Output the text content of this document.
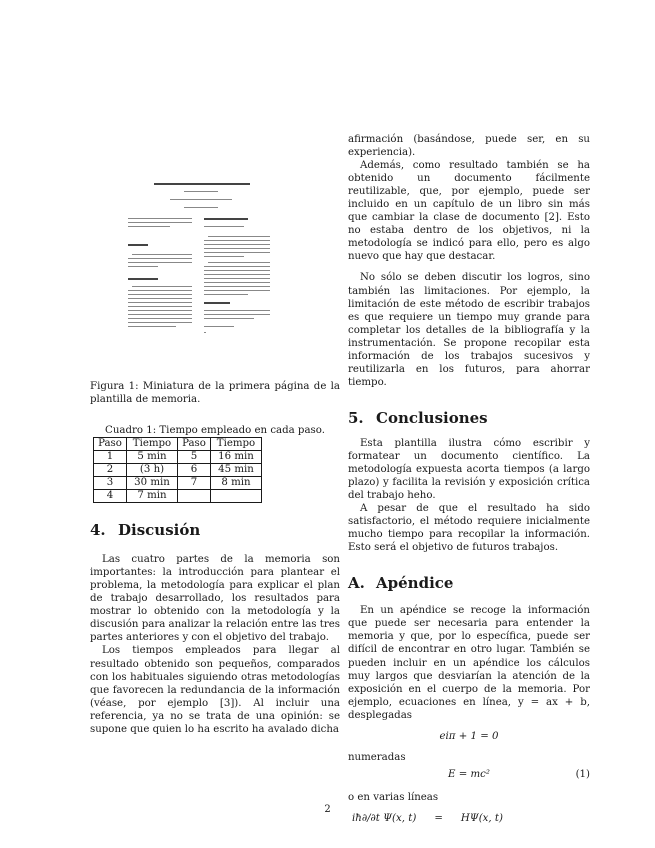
Figura 1: Miniatura de la primera página de la plantilla de memoria.

Cuadro 1: Tiempo empleado en cada paso.

Paso	Tiempo	Paso	Tiempo
1	5 min	5	16 min
2	(3 h)	6	45 min
3	30 min	7	8 min
4	7 min		
4. Discusión

Las cuatro partes de la memoria son importantes: la introducción para plantear el problema, la metodología para explicar el plan de trabajo desarrollado, los resultados para mostrar lo obtenido con la metodología y la discusión para analizar la relación entre las tres partes anteriores y con el objetivo del trabajo.

Los tiempos empleados para llegar al resultado obtenido son pequeños, comparados con los habituales siguiendo otras metodologías que favorecen la redundancia de la información (véase, por ejemplo [3]). Al incluir una referencia, ya no se trata de una opinión: se supone que quien lo ha escrito ha avalado dicha

afirmación (basándose, puede ser, en su experiencia).

Además, como resultado también se ha obtenido un documento fácilmente reutilizable, que, por ejemplo, puede ser incluido en un capítulo de un libro sin más que cambiar la clase de documento [2]. Esto no estaba dentro de los objetivos, ni la metodología se indicó para ello, pero es algo nuevo que hay que destacar.

No sólo se deben discutir los logros, sino también las limitaciones. Por ejemplo, la limitación de este método de escribir trabajos es que requiere un tiempo muy grande para completar los detalles de la bibliografía y la instrumentación. Se propone recopilar esta información de los trabajos sucesivos y reutilizarla en los futuros, para ahorrar tiempo.

5. Conclusiones

Esta plantilla ilustra cómo escribir y formatear un documento científico. La metodología expuesta acorta tiempos (a largo plazo) y facilita la revisión y exposición crítica del trabajo heho.

A pesar de que el resultado ha sido satisfactorio, el método requiere inicialmente mucho tiempo para recopilar la información. Esto será el objetivo de futuros trabajos.

A. Apéndice

En un apéndice se recoge la información que puede ser necesaria para entender la memoria y que, por lo específica, puede ser difícil de encontrar en otro lugar. También se pueden incluir en un apéndice los cálculos muy largos que desviarían la atención de la exposición en el cuerpo de la memoria. Por ejemplo, ecuaciones en línea, y = ax + b, desplegadas

eiπ + 1 = 0

numeradas

E = mc²	(1)

o en varias líneas

iħ∂/∂t Ψ(x, t) = HΨ(x, t)
2
